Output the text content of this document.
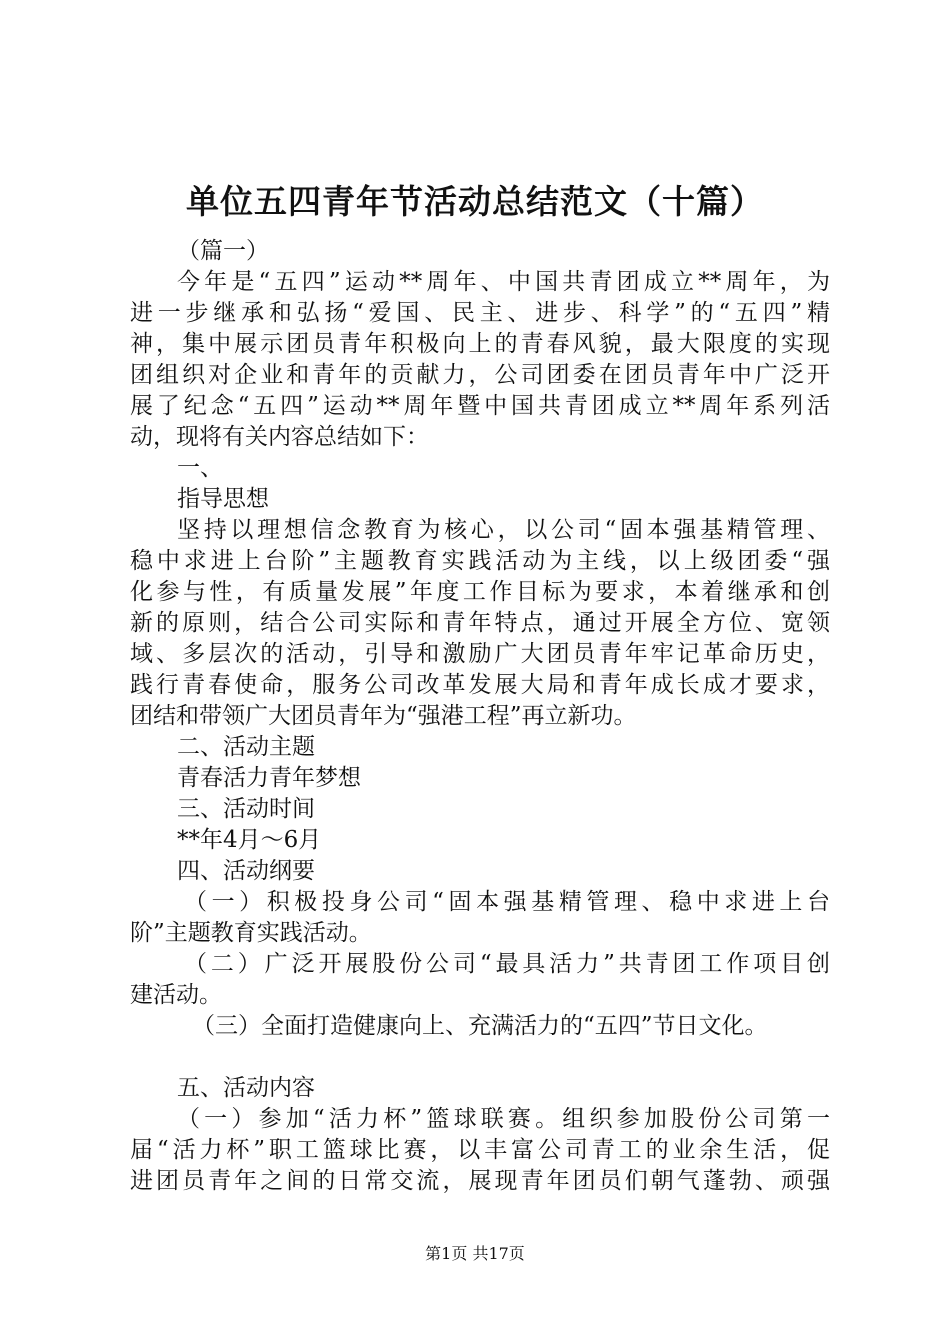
单位五四青年节活动总结范文（十篇）
（篇一）
今年是“五四”运动**周年、中国共青团成立**周年，为
进一步继承和弘扬“爱国、民主、进步、科学”的“五四”精
神，集中展示团员青年积极向上的青春风貌，最大限度的实现
团组织对企业和青年的贡献力，公司团委在团员青年中广泛开
展了纪念“五四”运动**周年暨中国共青团成立**周年系列活
动，现将有关内容总结如下：
一、
指导思想
坚持以理想信念教育为核心，以公司“固本强基精管理、
稳中求进上台阶”主题教育实践活动为主线，以上级团委“强
化参与性，有质量发展”年度工作目标为要求，本着继承和创
新的原则，结合公司实际和青年特点，通过开展全方位、宽领
域、多层次的活动，引导和激励广大团员青年牢记革命历史，
践行青春使命，服务公司改革发展大局和青年成长成才要求，
团结和带领广大团员青年为“强港工程”再立新功。
二、活动主题
青春活力青年梦想
三、活动时间
**年4月～6月
四、活动纲要
（一）积极投身公司“固本强基精管理、稳中求进上台
阶”主题教育实践活动。
（二）广泛开展股份公司“最具活力”共青团工作项目创
建活动。
（三）全面打造健康向上、充满活力的“五四”节日文化。
五、活动内容
（一）参加“活力杯”篮球联赛。组织参加股份公司第一
届“活力杯”职工篮球比赛，以丰富公司青工的业余生活，促
进团员青年之间的日常交流，展现青年团员们朝气蓬勃、顽强
第1页 共17页
